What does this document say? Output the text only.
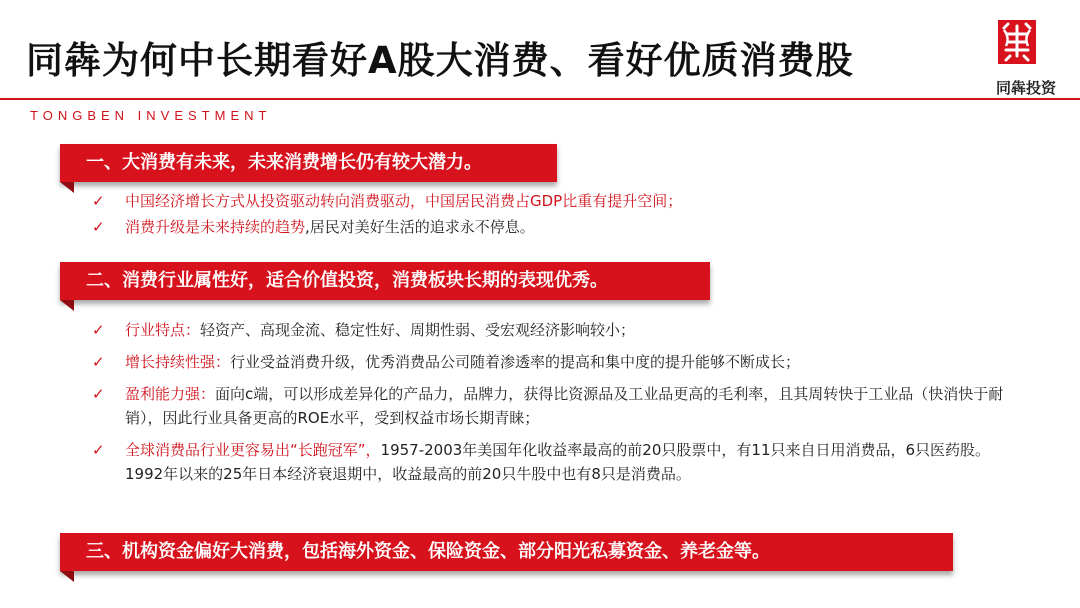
同犇为何中长期看好A股大消费、看好优质消费股
同犇投资
TONGBEN INVESTMENT
一、大消费有未来，未来消费增长仍有较大潜力。
✓ 中国经济增长方式从投资驱动转向消费驱动，中国居民消费占GDP比重有提升空间；
✓ 消费升级是未来持续的趋势,居民对美好生活的追求永不停息。
二、消费行业属性好，适合价值投资，消费板块长期的表现优秀。
✓ 行业特点：轻资产、高现金流、稳定性好、周期性弱、受宏观经济影响较小；
✓ 增长持续性强：行业受益消费升级，优秀消费品公司随着渗透率的提高和集中度的提升能够不断成长；
✓ 盈利能力强：面向c端，可以形成差异化的产品力，品牌力，获得比资源品及工业品更高的毛利率，且其周转快于工业品（快消快于耐销），因此行业具备更高的ROE水平，受到权益市场长期青睐；
✓ 全球消费品行业更容易出“长跑冠军”，1957-2003年美国年化收益率最高的前20只股票中，有11只来自日用消费品，6只医药股。1992年以来的25年日本经济衰退期中，收益最高的前20只牛股中也有8只是消费品。
三、机构资金偏好大消费，包括海外资金、保险资金、部分阳光私募资金、养老金等。
